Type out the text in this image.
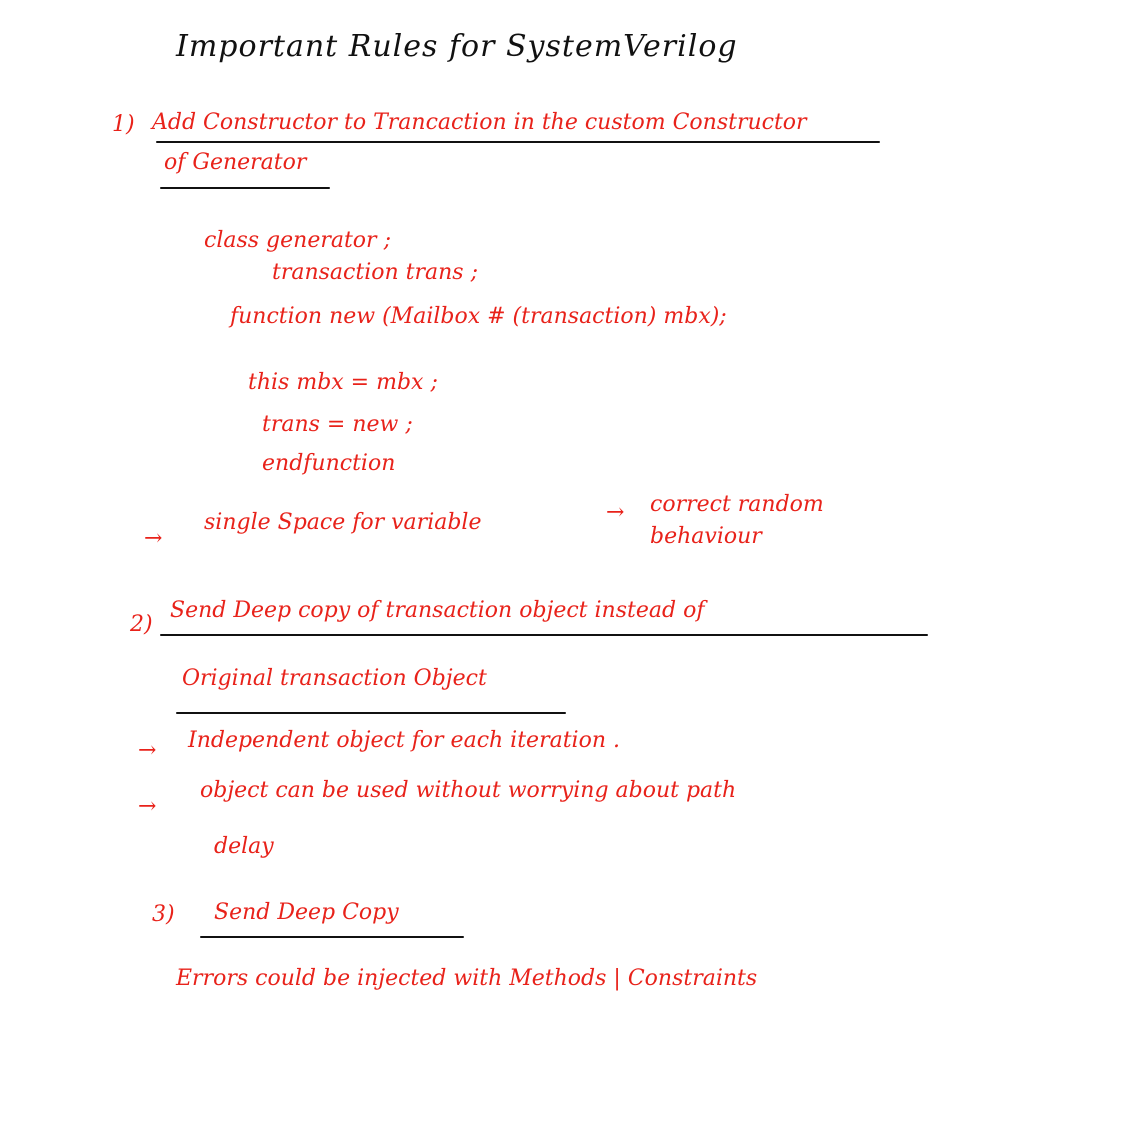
Important Rules for SystemVerilog
1) Add Constructor to Trancaction in the custom Constructor
of Generator
class generator ;
transaction trans ;
function new (Mailbox # (transaction) mbx);
this mbx = mbx ;
trans = new ;
endfunction
→
single Space for variable	→ correct random
behaviour
2)
Send Deep copy of transaction object instead of
Original transaction Object
→ Independent object for each iteration .
→
object can be used without worrying about path
delay
3) Send Deep Copy
Errors could be injected with Methods | Constraints
